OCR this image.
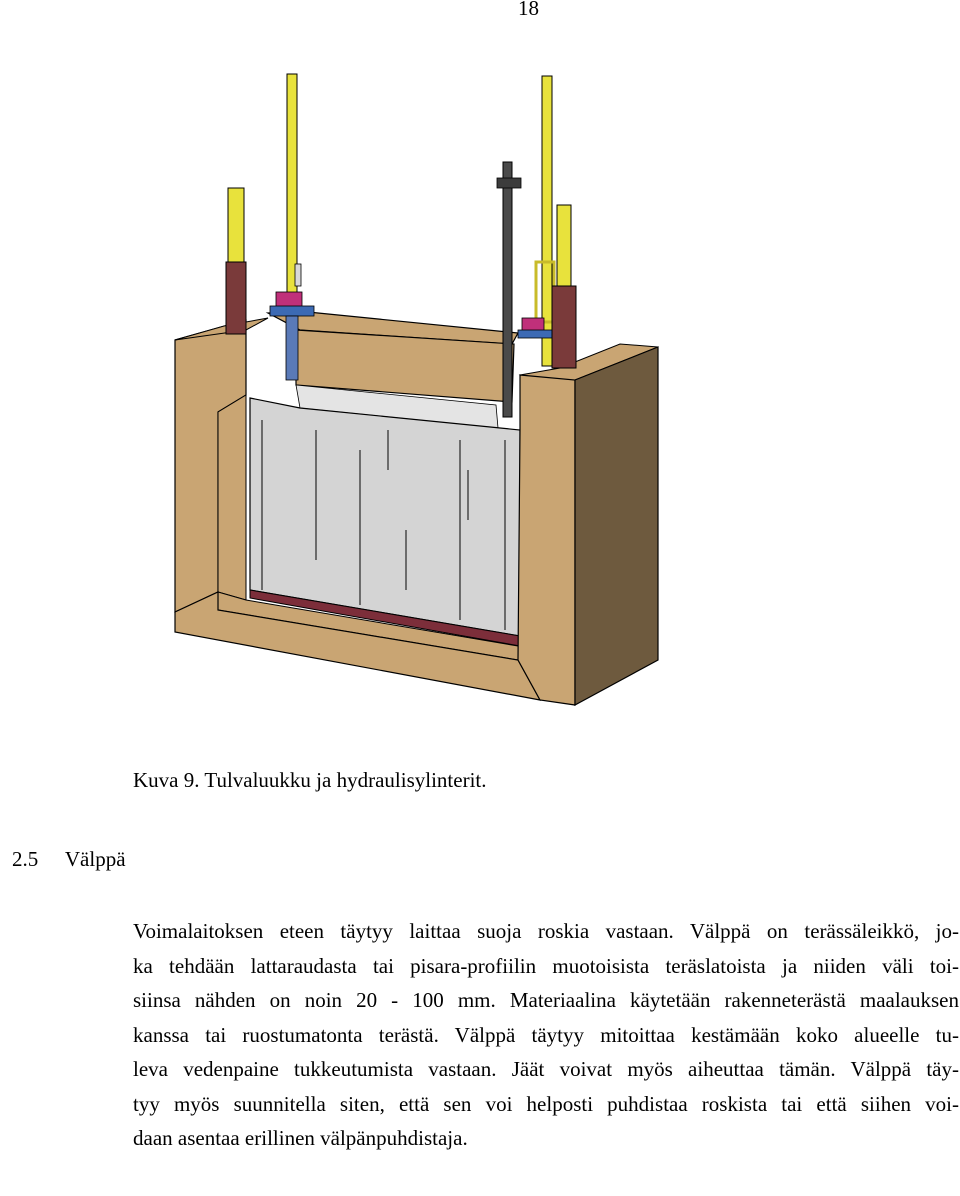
18
Kuva 9. Tulvaluukku ja hydraulisylinterit.
2.5 Välppä
Voimalaitoksen eteen täytyy laittaa suoja roskia vastaan. Välppä on terässäleikkö, jo-
ka tehdään lattaraudasta tai pisara-profiilin muotoisista teräslatoista ja niiden väli toi-
siinsa nähden on noin 20 - 100 mm. Materiaalina käytetään rakenneterästä maalauksen
kanssa tai ruostumatonta terästä. Välppä täytyy mitoittaa kestämään koko alueelle tu-
leva vedenpaine tukkeutumista vastaan. Jäät voivat myös aiheuttaa tämän. Välppä täy-
tyy myös suunnitella siten, että sen voi helposti puhdistaa roskista tai että siihen voi-
daan asentaa erillinen välpänpuhdistaja.
